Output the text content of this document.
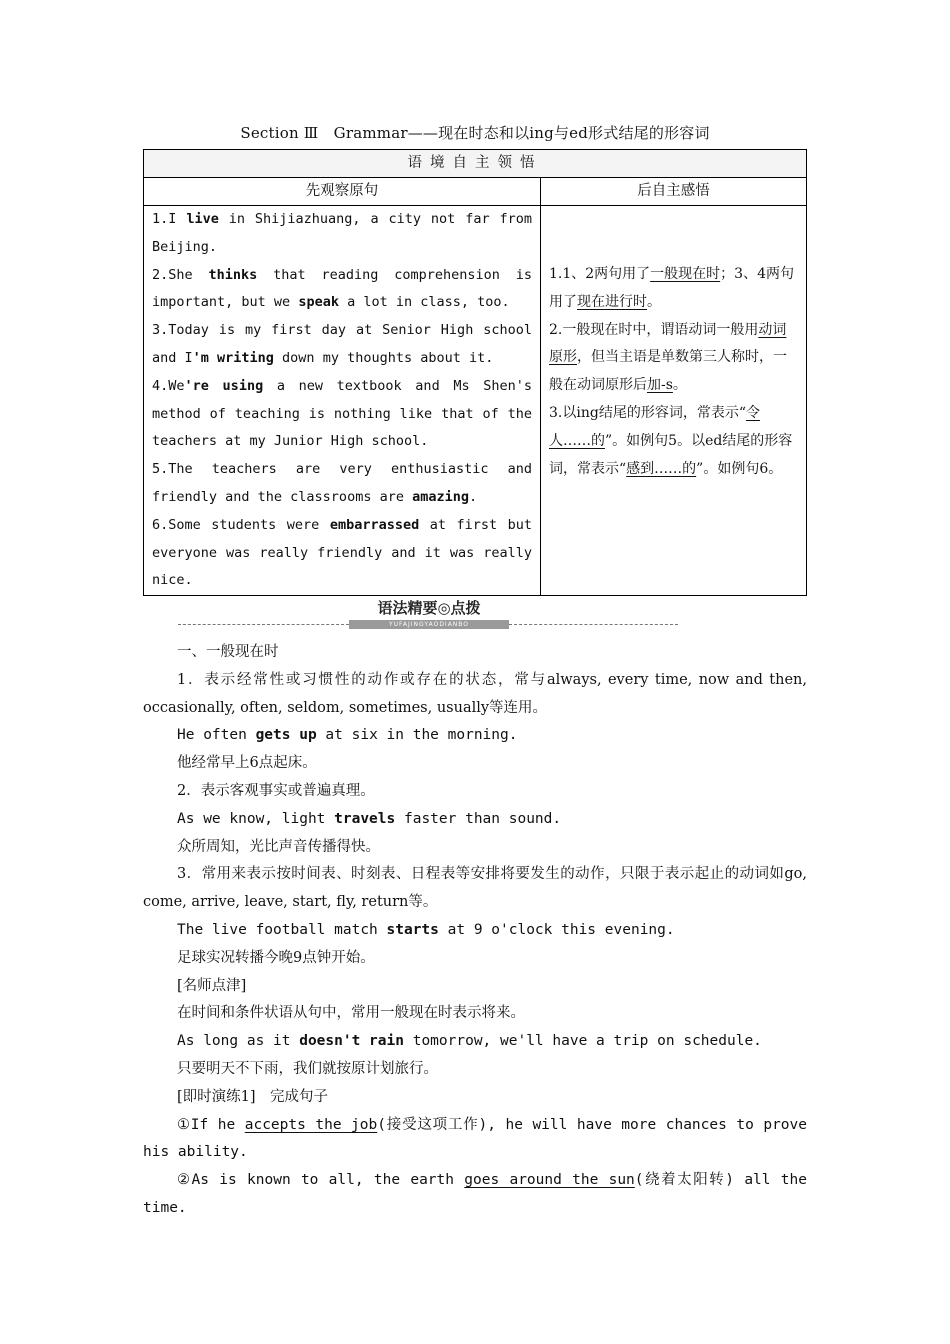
Section Ⅲ　Grammar——现在时态和以ing与ed形式结尾的形容词
语境自主领悟
先观察原句	后自主感悟

1.I live in Shijiazhuang, a city not far from Beijing.

2.She thinks that reading comprehension is important, but we speak a lot in class, too.

3.Today is my first day at Senior High school and I'm writing down my thoughts about it.

4.We're using a new textbook and Ms Shen's method of teaching is nothing like that of the teachers at my Junior High school.

5.The teachers are very enthusiastic and friendly and the classrooms are amazing.

6.Some students were embarrassed at first but everyone was really friendly and it was really nice.

1.1、2两句用了一般现在时；3、4两句用了现在进行时。

2.一般现在时中，谓语动词一般用动词原形，但当主语是单数第三人称时，一般在动词原形后加-s。

3.以ing结尾的形容词，常表示“令人……的”。如例句5。以ed结尾的形容词，常表示“感到……的”。如例句6。

语法精要◎点拨
YUFAJINGYAODIANBO

一、一般现在时

1．表示经常性或习惯性的动作或存在的状态，常与always, every time, now and then, occasionally, often, seldom, sometimes, usually等连用。

He often gets up at six in the morning.

他经常早上6点起床。

2．表示客观事实或普遍真理。

As we know, light travels faster than sound.

众所周知，光比声音传播得快。

3．常用来表示按时间表、时刻表、日程表等安排将要发生的动作，只限于表示起止的动词如go, come, arrive, leave, start, fly, return等。

The live football match starts at 9 o'clock this evening.

足球实况转播今晚9点钟开始。

[名师点津]

在时间和条件状语从句中，常用一般现在时表示将来。

As long as it doesn't rain tomorrow, we'll have a trip on schedule.

只要明天不下雨，我们就按原计划旅行。

[即时演练1]　完成句子

①If he accepts the job(接受这项工作), he will have more chances to prove his ability.

②As is known to all, the earth goes around the sun(绕着太阳转) all the time.
